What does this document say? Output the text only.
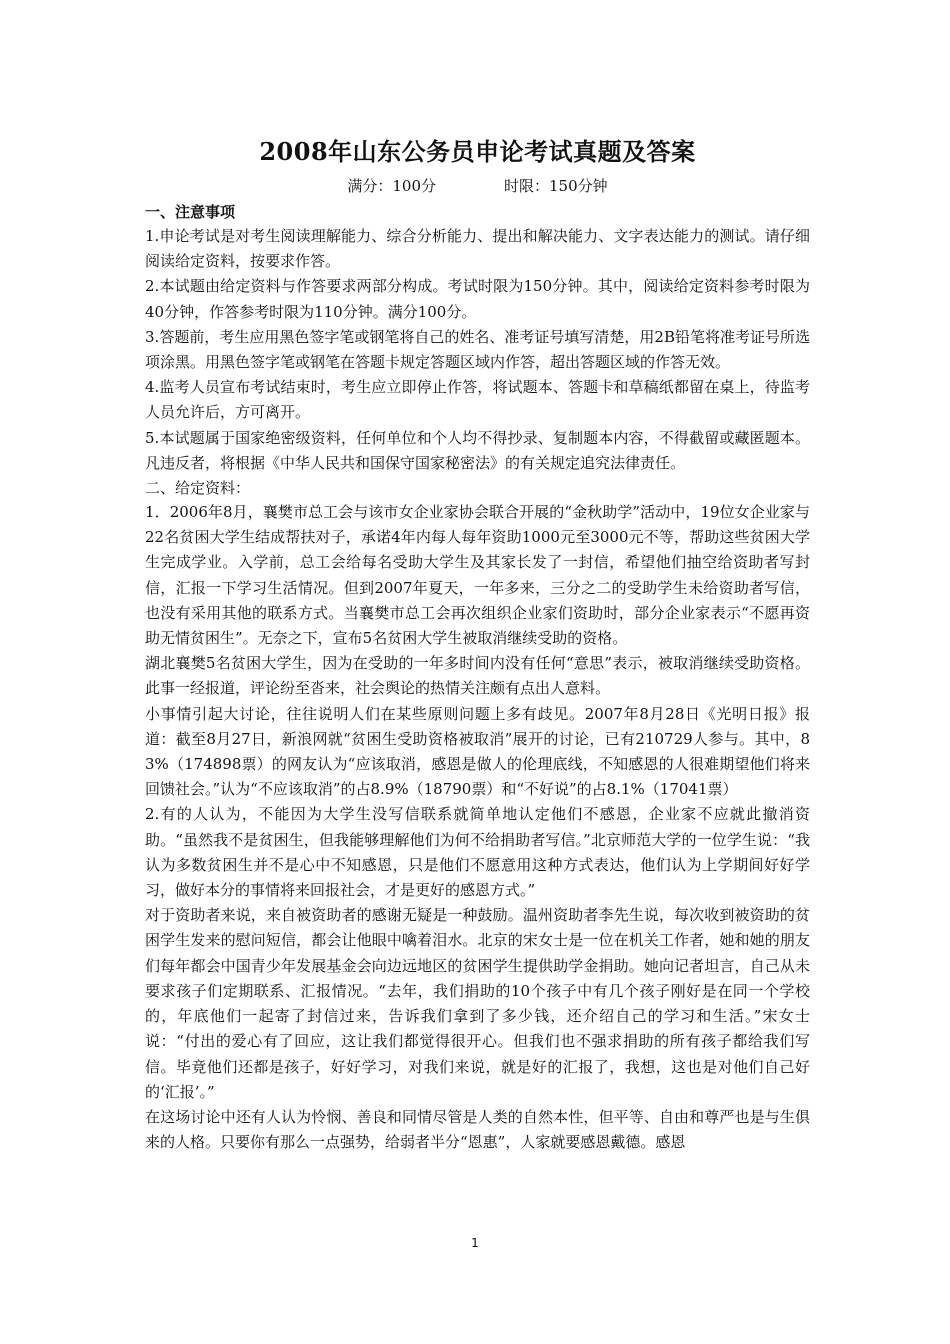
2008年山东公务员申论考试真题及答案
满分：100分	时限：150分钟
一、注意事项

1.申论考试是对考生阅读理解能力、综合分析能力、提出和解决能力、文字表达能力的测试。请仔细阅读给定资料，按要求作答。

2.本试题由给定资料与作答要求两部分构成。考试时限为150分钟。其中，阅读给定资料参考时限为40分钟，作答参考时限为110分钟。满分100分。

3.答题前，考生应用黑色签字笔或钢笔将自己的姓名、准考证号填写清楚，用2B铅笔将准考证号所选项涂黑。用黑色签字笔或钢笔在答题卡规定答题区域内作答，超出答题区域的作答无效。

4.监考人员宣布考试结束时，考生应立即停止作答，将试题本、答题卡和草稿纸都留在桌上，待监考人员允许后，方可离开。

5.本试题属于国家绝密级资料，任何单位和个人均不得抄录、复制题本内容，不得截留或藏匿题本。凡违反者，将根据《中华人民共和国保守国家秘密法》的有关规定追究法律责任。

二、给定资料：

1．2006年8月，襄樊市总工会与该市女企业家协会联合开展的“金秋助学”活动中，19位女企业家与22名贫困大学生结成帮扶对子，承诺4年内每人每年资助1000元至3000元不等，帮助这些贫困大学生完成学业。入学前，总工会给每名受助大学生及其家长发了一封信，希望他们抽空给资助者写封信，汇报一下学习生活情况。但到2007年夏天，一年多来，三分之二的受助学生未给资助者写信，也没有采用其他的联系方式。当襄樊市总工会再次组织企业家们资助时，部分企业家表示“不愿再资助无情贫困生”。无奈之下，宣布5名贫困大学生被取消继续受助的资格。

湖北襄樊5名贫困大学生，因为在受助的一年多时间内没有任何“意思”表示，被取消继续受助资格。此事一经报道，评论纷至沓来，社会舆论的热情关注颇有点出人意料。

小事情引起大讨论，往往说明人们在某些原则问题上多有歧见。2007年8月28日《光明日报》报道：截至8月27日，新浪网就“贫困生受助资格被取消”展开的讨论，已有210729人参与。其中，83%（174898票）的网友认为“应该取消，感恩是做人的伦理底线，不知感恩的人很难期望他们将来回馈社会。”认为“不应该取消”的占8.9%（18790票）和“不好说”的占8.1%（17041票）

2.有的人认为，不能因为大学生没写信联系就简单地认定他们不感恩，企业家不应就此撤消资助。“虽然我不是贫困生，但我能够理解他们为何不给捐助者写信。”北京师范大学的一位学生说：“我认为多数贫困生并不是心中不知感恩，只是他们不愿意用这种方式表达，他们认为上学期间好好学习，做好本分的事情将来回报社会，才是更好的感恩方式。”

对于资助者来说，来自被资助者的感谢无疑是一种鼓励。温州资助者李先生说，每次收到被资助的贫困学生发来的慰问短信，都会让他眼中噙着泪水。北京的宋女士是一位在机关工作者，她和她的朋友们每年都会中国青少年发展基金会向边远地区的贫困学生提供助学金捐助。她向记者坦言，自己从未要求孩子们定期联系、汇报情况。“去年，我们捐助的10个孩子中有几个孩子刚好是在同一个学校的，年底他们一起寄了封信过来，告诉我们拿到了多少钱，还介绍自己的学习和生活。”宋女士说：“付出的爱心有了回应，这让我们都觉得很开心。但我们也不强求捐助的所有孩子都给我们写信。毕竟他们还都是孩子，好好学习，对我们来说，就是好的汇报了，我想，这也是对他们自己好的‘汇报’。”

在这场讨论中还有人认为怜悯、善良和同情尽管是人类的自然本性，但平等、自由和尊严也是与生俱来的人格。只要你有那么一点强势，给弱者半分“恩惠”，人家就要感恩戴德。感恩

1
